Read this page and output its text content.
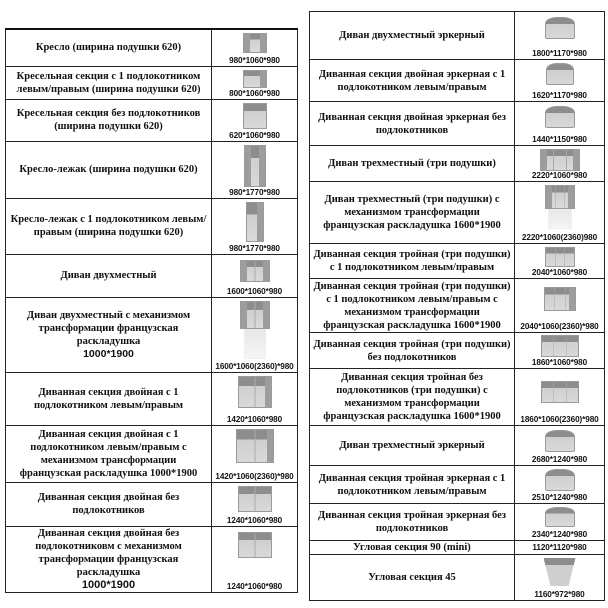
Кресло (ширина подушки 620)	980*1060*980

Кресельная секция с 1 подлокотником левым/правым (ширина подушки 620)	800*1060*980

Кресельная секция без подлокотников (ширина подушки 620)	620*1060*980

Кресло-лежак (ширина подушки 620)	980*1770*980

Кресло-лежак с 1 подлокотником левым/правым (ширина подушки 620)	980*1770*980

Диван двухместный	1600*1060*980

Диван двухместный с механизмом трансформации французская раскладушка
1000*1900	1600*1060(2360)*980

Диванная секция двойная с 1 подлокотником левым/правым	1420*1060*980

Диванная секция двойная с 1 подлокотником левым/правым с механизмом трансформации французская раскладушка 1000*1900	1420*1060(2360)*980

Диванная секция двойная без подлокотников	1240*1060*980

Диванная секция двойная без подлокотниковм с механизмом трансформации французская раскладушка
1000*1900	1240*1060*980
Диван двухместный эркерный	1800*1170*980

Диванная секция двойная эркерная с 1 подлокотником левым/правым	1620*1170*980

Диванная секция двойная эркерная без подлокотников	1440*1150*980

Диван трехместный (три подушки)	2220*1060*980

Диван трехместный (три подушки) с механизмом трансформации французская раскладушка 1600*1900	2220*1060(2360)980

Диванная секция тройная (три подушки) с 1 подлокотником левым/правым	2040*1060*980

Диванная секция тройная (три подушки) с 1 подлокотником левым/правым с механизмом трансформации французская раскладушка 1600*1900	2040*1060(2360)*980

Диванная секция тройная (три подушки) без подлокотников	1860*1060*980

Диванная секция тройная без подлокотников (три подушки) с механизмом трансформации французская раскладушка 1600*1900	1860*1060(2360)*980

Диван трехместный эркерный	2680*1240*980

Диванная секция тройная эркерная с 1 подлокотником левым/правым	2510*1240*980

Диванная секция тройная эркерная без подлокотников	2340*1240*980

Угловая секция 90 (mini)	1120*1120*980

Угловая секция 45	1160*972*980
